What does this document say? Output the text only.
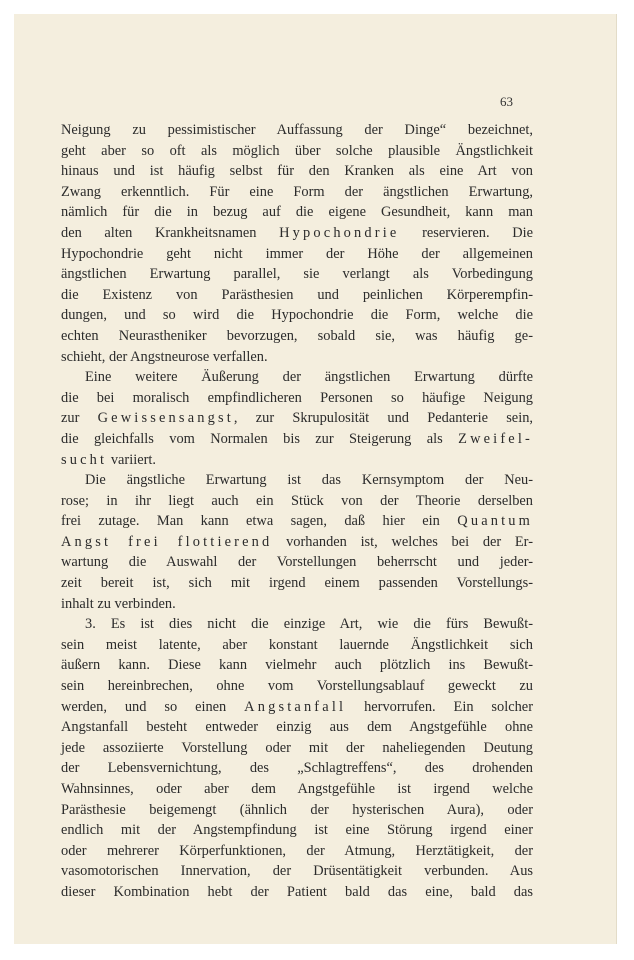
63
Neigung zu pessimistischer Auffassung der Dinge“ bezeichnet,
geht aber so oft als möglich über solche plausible Ängstlichkeit
hinaus und ist häufig selbst für den Kranken als eine Art von
Zwang erkenntlich. Für eine Form der ängstlichen Erwartung,
nämlich für die in bezug auf die eigene Gesundheit, kann man
den alten Krankheitsnamen Hypochondrie reservieren. Die
Hypochondrie geht nicht immer der Höhe der allgemeinen
ängstlichen Erwartung parallel, sie verlangt als Vorbedingung
die Existenz von Parästhesien und peinlichen Körperempfin-
dungen, und so wird die Hypochondrie die Form, welche die
echten Neurastheniker bevorzugen, sobald sie, was häufig ge-
schieht, der Angstneurose verfallen.
Eine weitere Äußerung der ängstlichen Erwartung dürfte
die bei moralisch empfindlicheren Personen so häufige Neigung
zur Gewissensangst, zur Skrupulosität und Pedanterie sein,
die gleichfalls vom Normalen bis zur Steigerung als Zweifel-
sucht variiert.
Die ängstliche Erwartung ist das Kernsymptom der Neu-
rose; in ihr liegt auch ein Stück von der Theorie derselben
frei zutage. Man kann etwa sagen, daß hier ein Quantum
Angst frei flottierend vorhanden ist, welches bei der Er-
wartung die Auswahl der Vorstellungen beherrscht und jeder-
zeit bereit ist, sich mit irgend einem passenden Vorstellungs-
inhalt zu verbinden.
3. Es ist dies nicht die einzige Art, wie die fürs Bewußt-
sein meist latente, aber konstant lauernde Ängstlichkeit sich
äußern kann. Diese kann vielmehr auch plötzlich ins Bewußt-
sein hereinbrechen, ohne vom Vorstellungsablauf geweckt zu
werden, und so einen Angstanfall hervorrufen. Ein solcher
Angstanfall besteht entweder einzig aus dem Angstgefühle ohne
jede assoziierte Vorstellung oder mit der naheliegenden Deutung
der Lebensvernichtung, des „Schlagtreffens“, des drohenden
Wahnsinnes, oder aber dem Angstgefühle ist irgend welche
Parästhesie beigemengt (ähnlich der hysterischen Aura), oder
endlich mit der Angstempfindung ist eine Störung irgend einer
oder mehrerer Körperfunktionen, der Atmung, Herztätigkeit, der
vasomotorischen Innervation, der Drüsentätigkeit verbunden. Aus
dieser Kombination hebt der Patient bald das eine, bald das
